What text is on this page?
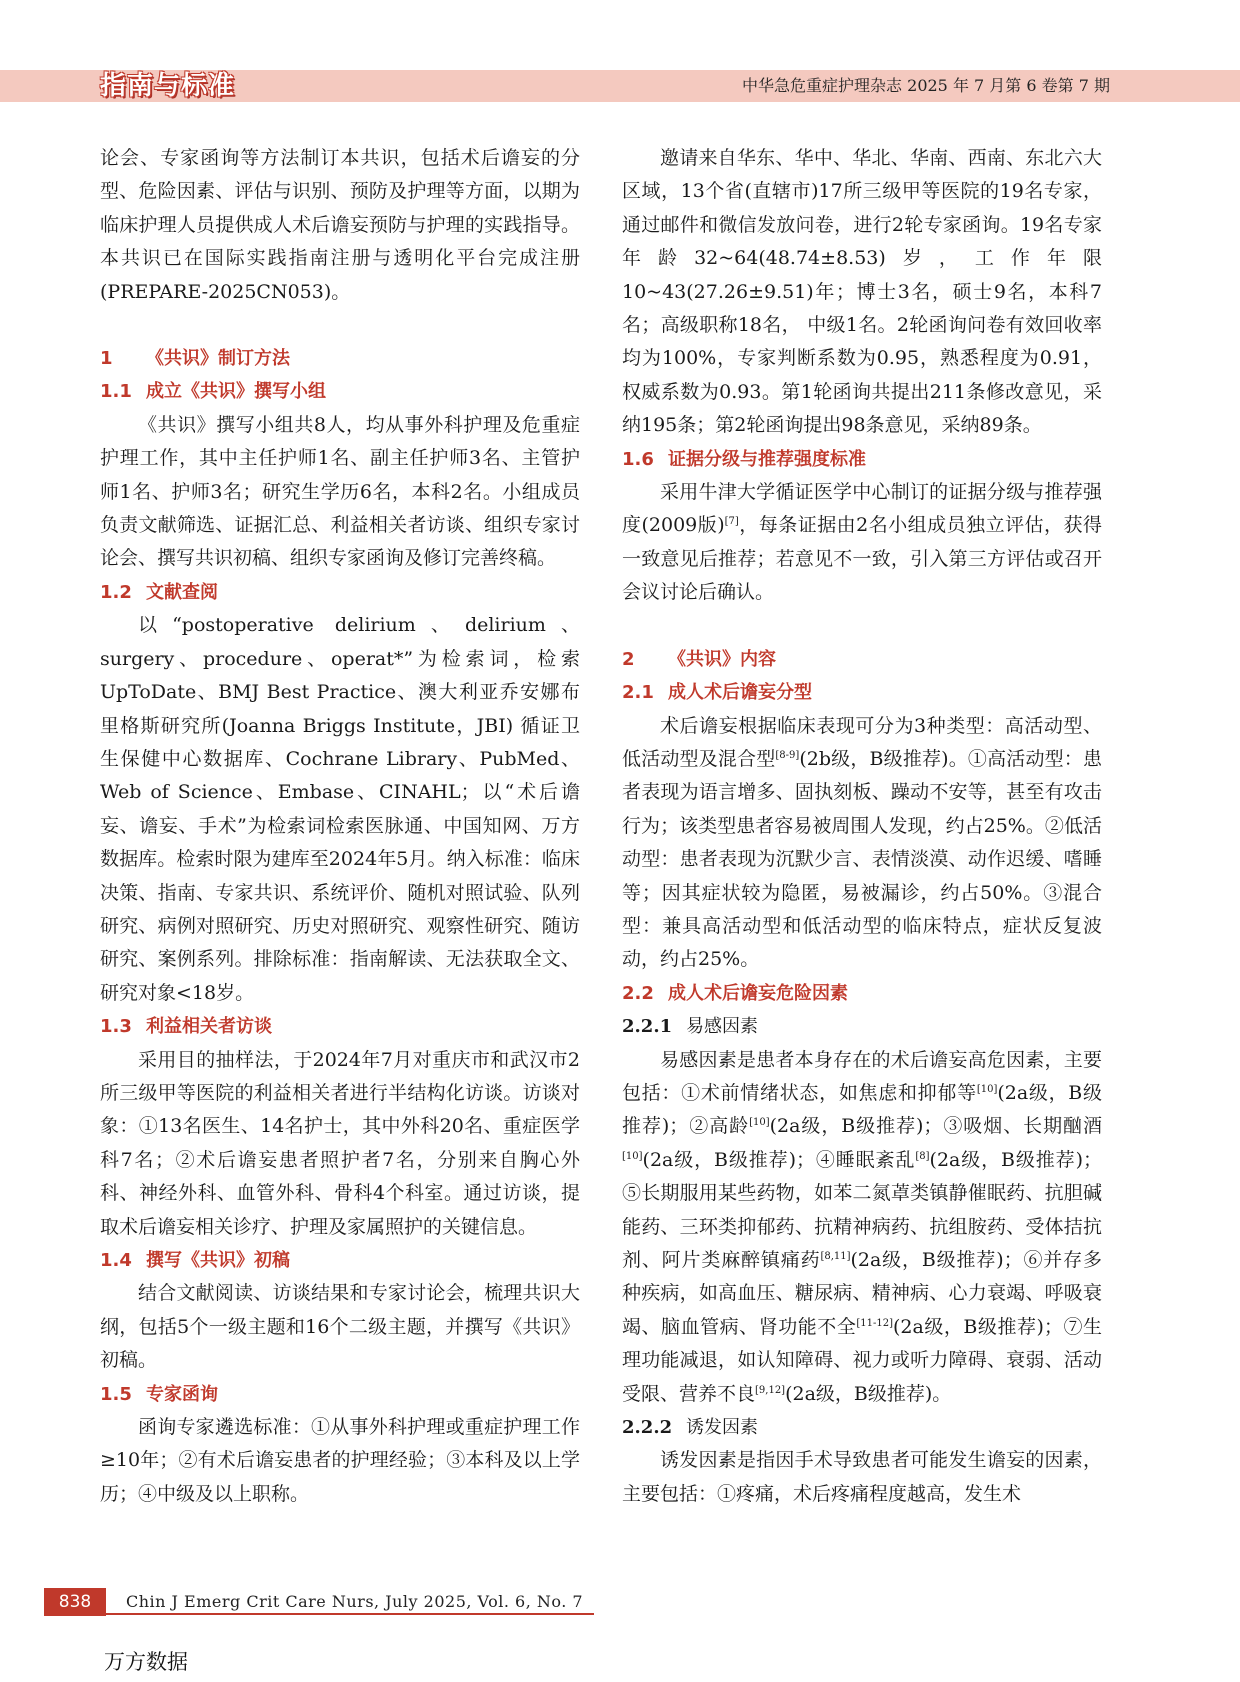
指南与标准	中华急危重症护理杂志 2025 年 7 月第 6 卷第 7 期

论会、专家函询等方法制订本共识，包括术后谵妄的分型、危险因素、评估与识别、预防及护理等方面，以期为临床护理人员提供成人术后谵妄预防与护理的实践指导。本共识已在国际实践指南注册与透明化平台完成注册(PREPARE-2025CN053)。

1 《共识》制订方法

1.1 成立《共识》撰写小组

《共识》撰写小组共8人，均从事外科护理及危重症护理工作，其中主任护师1名、副主任护师3名、主管护师1名、护师3名；研究生学历6名，本科2名。小组成员负责文献筛选、证据汇总、利益相关者访谈、组织专家讨论会、撰写共识初稿、组织专家函询及修订完善终稿。

1.2 文献查阅

以“postoperative delirium、delirium、surgery、procedure、operat*”为检索词，检索UpToDate、BMJ Best Practice、澳大利亚乔安娜布里格斯研究所(Joanna Briggs Institute，JBI) 循证卫生保健中心数据库、Cochrane Library、PubMed、Web of Science、Embase、CINAHL；以“术后谵妄、谵妄、手术”为检索词检索医脉通、中国知网、万方数据库。检索时限为建库至2024年5月。纳入标准：临床决策、指南、专家共识、系统评价、随机对照试验、队列研究、病例对照研究、历史对照研究、观察性研究、随访研究、案例系列。排除标准：指南解读、无法获取全文、研究对象<18岁。

1.3 利益相关者访谈

采用目的抽样法，于2024年7月对重庆市和武汉市2所三级甲等医院的利益相关者进行半结构化访谈。访谈对象：①13名医生、14名护士，其中外科20名、重症医学科7名；②术后谵妄患者照护者7名，分别来自胸心外科、神经外科、血管外科、骨科4个科室。通过访谈，提取术后谵妄相关诊疗、护理及家属照护的关键信息。

1.4 撰写《共识》初稿

结合文献阅读、访谈结果和专家讨论会，梳理共识大纲，包括5个一级主题和16个二级主题，并撰写《共识》初稿。

1.5 专家函询

函询专家遴选标准：①从事外科护理或重症护理工作≥10年；②有术后谵妄患者的护理经验；③本科及以上学历；④中级及以上职称。

邀请来自华东、华中、华北、华南、西南、东北六大区域，13个省(直辖市)17所三级甲等医院的19名专家，通过邮件和微信发放问卷，进行2轮专家函询。19名专家年龄32~64(48.74±8.53)岁，工作年限10~43(27.26±9.51)年；博士3名，硕士9名，本科7名；高级职称18名， 中级1名。2轮函询问卷有效回收率均为100%，专家判断系数为0.95，熟悉程度为0.91，权威系数为0.93。第1轮函询共提出211条修改意见，采纳195条；第2轮函询提出98条意见，采纳89条。

1.6 证据分级与推荐强度标准

采用牛津大学循证医学中心制订的证据分级与推荐强度(2009版)[7]，每条证据由2名小组成员独立评估，获得一致意见后推荐；若意见不一致，引入第三方评估或召开会议讨论后确认。

2 《共识》内容

2.1 成人术后谵妄分型

术后谵妄根据临床表现可分为3种类型：高活动型、低活动型及混合型[8-9](2b级，B级推荐)。①高活动型：患者表现为语言增多、固执刻板、躁动不安等，甚至有攻击行为；该类型患者容易被周围人发现，约占25%。②低活动型：患者表现为沉默少言、表情淡漠、动作迟缓、嗜睡等；因其症状较为隐匿，易被漏诊，约占50%。③混合型：兼具高活动型和低活动型的临床特点，症状反复波动，约占25%。

2.2 成人术后谵妄危险因素

2.2.1 易感因素

易感因素是患者本身存在的术后谵妄高危因素，主要包括：①术前情绪状态，如焦虑和抑郁等[10](2a级，B级推荐)；②高龄[10](2a级，B级推荐)；③吸烟、长期酗酒[10](2a级，B级推荐)；④睡眠紊乱[8](2a级，B级推荐)；⑤长期服用某些药物，如苯二氮䓬类镇静催眠药、抗胆碱能药、三环类抑郁药、抗精神病药、抗组胺药、受体拮抗剂、阿片类麻醉镇痛药[8,11](2a级，B级推荐)；⑥并存多种疾病，如高血压、糖尿病、精神病、心力衰竭、呼吸衰竭、脑血管病、肾功能不全[11-12](2a级，B级推荐)；⑦生理功能减退，如认知障碍、视力或听力障碍、衰弱、活动受限、营养不良[9,12](2a级，B级推荐)。

2.2.2 诱发因素

诱发因素是指因手术导致患者可能发生谵妄的因素，主要包括：①疼痛，术后疼痛程度越高，发生术

838	Chin J Emerg Crit Care Nurs, July 2025, Vol. 6, No. 7
万方数据
